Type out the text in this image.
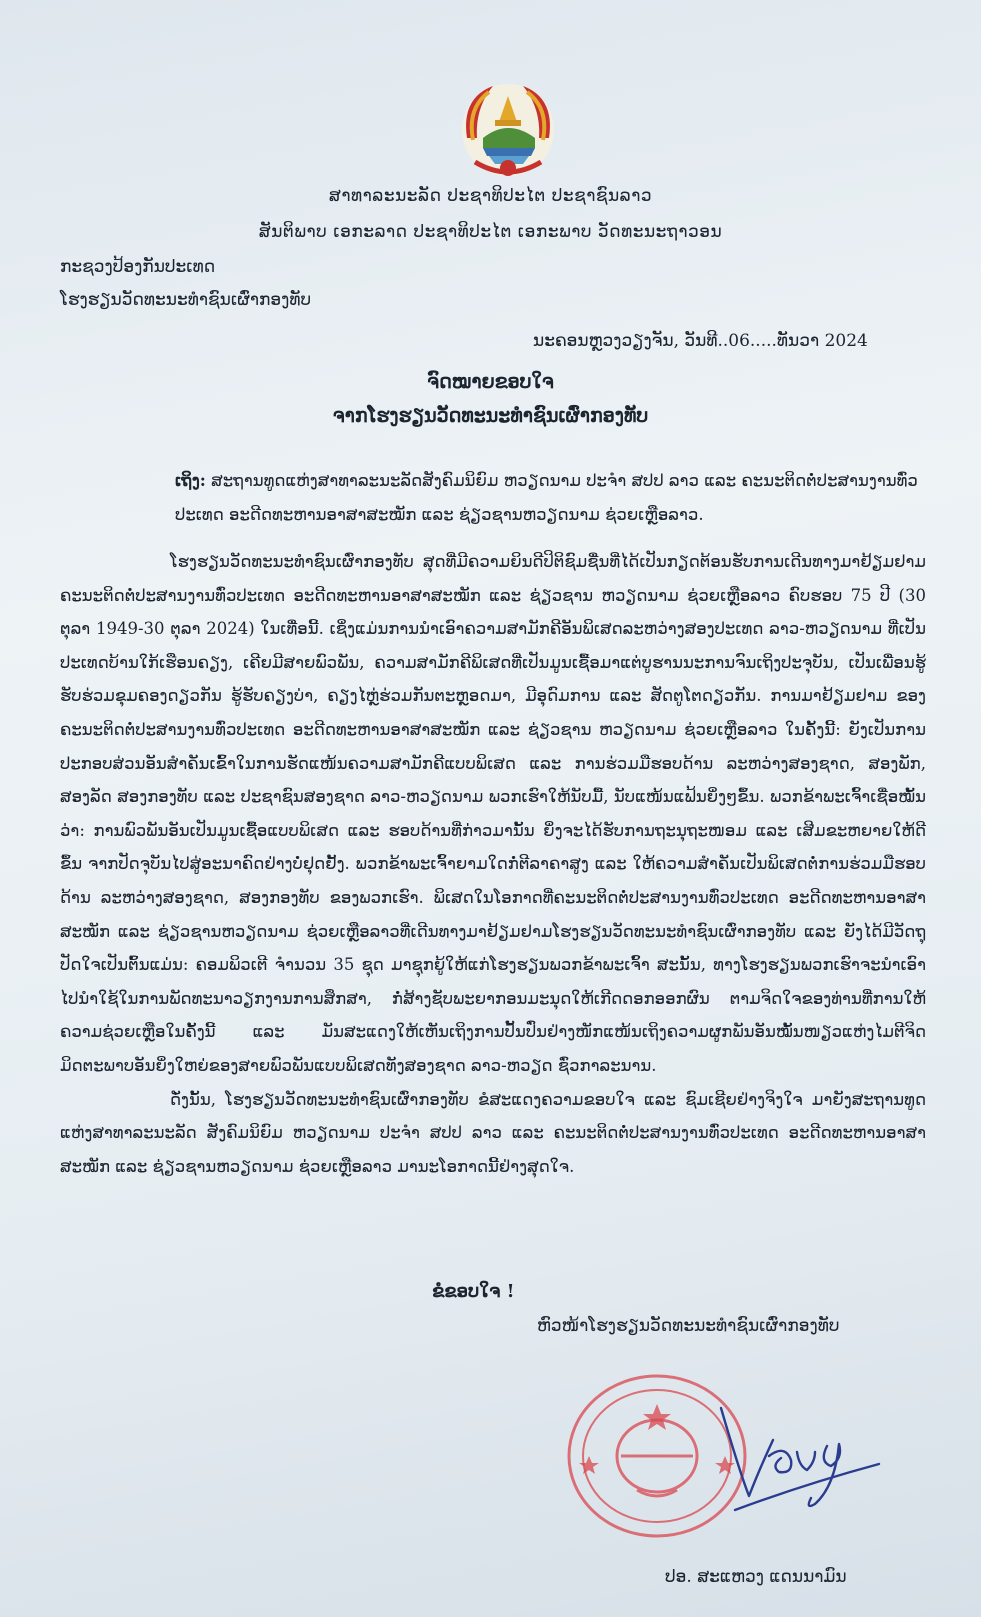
ສາທາລະນະລັດ ປະຊາທິປະໄຕ ປະຊາຊົນລາວ
ສັນຕິພາບ ເອກະລາດ ປະຊາທິປະໄຕ ເອກະພາບ ວັດທະນະຖາວອນ
ກະຊວງປ້ອງກັນປະເທດ
ໂຮງຮຽນວັດທະນະທຳຊົນເຜົ່າກອງທັບ
ນະຄອນຫຼວງວຽງຈັນ, ວັນທີ..06.....ທັນວາ 2024
ຈົດໝາຍຂອບໃຈ
ຈາກໂຮງຮຽນວັດທະນະທຳຊົນເຜົ່າກອງທັບ
ເຖິງ: ສະຖານທູດແຫ່ງສາທາລະນະລັດສັງຄົມນິຍົມ ຫວຽດນາມ ປະຈຳ ສປປ ລາວ ແລະ ຄະນະຕິດຕໍ່ປະສານງານທົ່ວປະເທດ ອະດີດທະຫານອາສາສະໝັກ ແລະ ຊ່ຽວຊານຫວຽດນາມ ຊ່ວຍເຫຼືອລາວ.

ໂຮງຮຽນວັດທະນະທຳຊົນເຜົ່າກອງທັບ ສຸດທີ່ມີຄວາມຍິນດີປິຕິຊົມຊື່ນທີ່ໄດ້ເປັນກຽດຕ້ອນຮັບການເດີນທາງມາຢ້ຽມຢາມຄະນະຕິດຕໍ່ປະສານງານທົ່ວປະເທດ ອະດີດທະຫານອາສາສະໝັກ ແລະ ຊ່ຽວຊານ ຫວຽດນາມ ຊ່ວຍເຫຼືອລາວ ຄົບຮອບ 75 ປີ (30 ຕຸລາ 1949-30 ຕຸລາ 2024) ໃນເທື່ອນີ້. ເຊິ່ງແມ່ນການນຳເອົາຄວາມສາມັກຄີອັນພິເສດລະຫວ່າງສອງປະເທດ ລາວ-ຫວຽດນາມ ທີ່ເປັນປະເທດບ້ານໃກ້ເຮືອນຄຽງ, ເຄີຍມີສາຍພົວພັນ, ຄວາມສາມັກຄີພິເສດທີ່ເປັນມູນເຊື້ອມາແຕ່ບູຮານນະການຈົນເຖິງປະຈຸບັນ, ເປັນເພື່ອນຮູ້ຮັບຮ່ວມຂຸມຄອງດຽວກັນ ຮູ້ຮັບຄຽງບ່າ, ຄຽງໄຫຼ່ຮ່ວມກັນຕະຫຼອດມາ, ມີອຸດົມການ ແລະ ສັດຕູໂຕດຽວກັນ. ການມາຢ້ຽມຢາມ ຂອງຄະນະຕິດຕໍ່ປະສານງານທົ່ວປະເທດ ອະດີດທະຫານອາສາສະໝັກ ແລະ ຊ່ຽວຊານ ຫວຽດນາມ ຊ່ວຍເຫຼືອລາວ ໃນຄັ້ງນີ້: ຍັງເປັນການປະກອບສ່ວນອັນສຳຄັນເຂົ້າໃນການຮັດແໜ້ນຄວາມສາມັກຄີແບບພິເສດ ແລະ ການຮ່ວມມືຮອບດ້ານ ລະຫວ່າງສອງຊາດ, ສອງພັກ, ສອງລັດ ສອງກອງທັບ ແລະ ປະຊາຊົນສອງຊາດ ລາວ-ຫວຽດນາມ ພວກເຮົາໃຫ້ນັບມື້, ນັບແໜ້ນແຟ້ນຍິ່ງໆຂຶ້ນ. ພວກຂ້າພະເຈົ້າເຊື່ອໝັ້ນວ່າ: ການພົວພັນອັນເປັນມູນເຊື້ອແບບພິເສດ ແລະ ຮອບດ້ານທີ່ກ່າວມານັ້ນ ຍິ່ງຈະໄດ້ຮັບການຖະນຸຖະໜອມ ແລະ ເສີມຂະຫຍາຍໃຫ້ດີຂຶ້ນ ຈາກປັດຈຸບັນໄປສູ່ອະນາຄົດຢ່າງບໍ່ຢຸດຢັ້ງ. ພວກຂ້າພະເຈົ້າຍາມໃດກໍ່ຕີລາຄາສູງ ແລະ ໃຫ້ຄວາມສຳຄັນເປັນພິເສດຕໍ່ການຮ່ວມມືຮອບດ້ານ ລະຫວ່າງສອງຊາດ, ສອງກອງທັບ ຂອງພວກເຮົາ. ພິເສດໃນໂອກາດທີ່ຄະນະຕິດຕໍ່ປະສານງານທົ່ວປະເທດ ອະດີດທະຫານອາສາສະໝັກ ແລະ ຊ່ຽວຊານຫວຽດນາມ ຊ່ວຍເຫຼືອລາວທີ່ເດີນທາງມາຢ້ຽມຢາມໂຮງຮຽນວັດທະນະທຳຊົນເຜົ່າກອງທັບ ແລະ ຍັງໄດ້ມີວັດຖຸປັດໃຈເປັນຕົ້ນແມ່ນ: ຄອມພິວເຕີ ຈຳນວນ 35 ຊຸດ ມາຊຸກຍູ້ໃຫ້ແກ່ໂຮງຮຽນພວກຂ້າພະເຈົ້າ ສະນັ້ນ, ທາງໂຮງຮຽນພວກເຮົາຈະນຳເອົາໄປນຳໃຊ້ໃນການພັດທະນາວຽກງານການສຶກສາ, ກໍ່ສ້າງຊັບພະຍາກອນມະນຸດໃຫ້ເກີດດອກອອກຜົນ ຕາມຈິດໃຈຂອງທ່ານທີ່ການໃຫ້ຄວາມຊ່ວຍເຫຼືອໃນຄັ້ງນີ້ ແລະ ມັນສະແດງໃຫ້ເຫັນເຖິງການປັ້ນປົ່ນຢ່າງໜັກແໜ້ນເຖິງຄວາມຜູກພັນອັນໝັ້ນໜຽວແຫ່ງໄມຕີຈິດ ມິດຕະພາບອັນຍິ່ງໃຫຍ່ຂອງສາຍພົວພັນແບບພິເສດທັງສອງຊາດ ລາວ-ຫວຽດ ຊົ່ວກາລະນານ.

ດັ່ງນັ້ນ, ໂຮງຮຽນວັດທະນະທຳຊົນເຜົ່າກອງທັບ ຂໍສະແດງຄວາມຂອບໃຈ ແລະ ຊົມເຊີຍຢ່າງຈິງໃຈ ມາຍັງສະຖານທູດ ແຫ່ງສາທາລະນະລັດ ສັງຄົມນິຍົມ ຫວຽດນາມ ປະຈຳ ສປປ ລາວ ແລະ ຄະນະຕິດຕໍ່ປະສານງານທົ່ວປະເທດ ອະດີດທະຫານອາສາສະໝັກ ແລະ ຊ່ຽວຊານຫວຽດນາມ ຊ່ວຍເຫຼືອລາວ ມານະໂອກາດນີ້ຢ່າງສຸດໃຈ.

ຂໍຂອບໃຈ !
ຫົວໜ້າໂຮງຮຽນວັດທະນະທຳຊົນເຜົ່າກອງທັບ
ປອ. ສະແຫວງ ແດນນາມົນ
